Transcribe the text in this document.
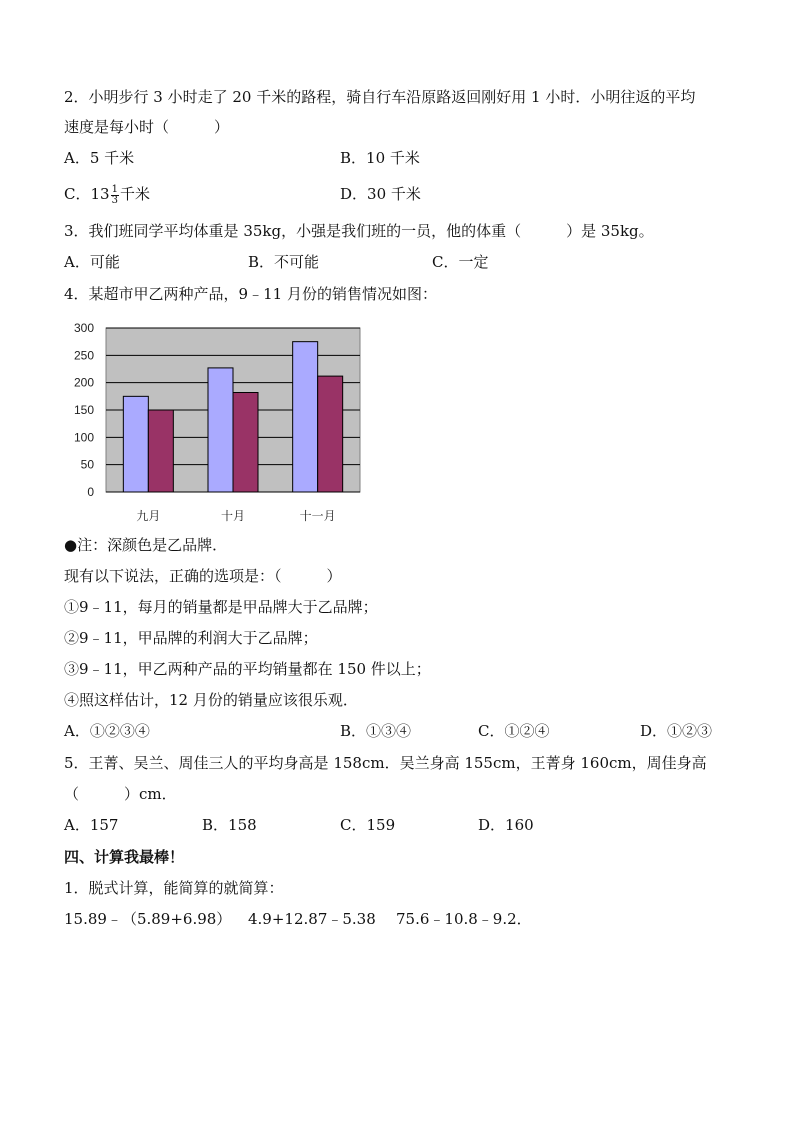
2．小明步行 3 小时走了 20 千米的路程，骑自行车沿原路返回刚好用 1 小时．小明往返的平均
速度是每小时（　　　）
A．5 千米	B．10 千米
C．$13 \frac{1}{3}$ 千米	D．30 千米
3．我们班同学平均体重是 35kg，小强是我们班的一员，他的体重（　　　）是 35kg。
A．可能	B．不可能	C．一定
4．某超市甲乙两种产品，9﹣11 月份的销售情况如图：
0
50
100
150
200
250
300
九月	十月	十一月
●注：深颜色是乙品牌．
现有以下说法，正确的选项是：（　　　）
①9﹣11，每月的销量都是甲品牌大于乙品牌；
②9﹣11，甲品牌的利润大于乙品牌；
③9﹣11，甲乙两种产品的平均销量都在 150 件以上；
④照这样估计，12 月份的销量应该很乐观．
A．①②③④	B．①③④	C．①②④	D．①②③
5．王菁、吴兰、周佳三人的平均身高是 158cm．吴兰身高 155cm，王菁身 160cm，周佳身高
（　　　）cm．
A．157	B．158	C．159	D．160
四、计算我最棒！
1．脱式计算，能简算的就简算：
15.89﹣（5.89+6.98） 4.9+12.87﹣5.38 75.6﹣10.8﹣9.2．
